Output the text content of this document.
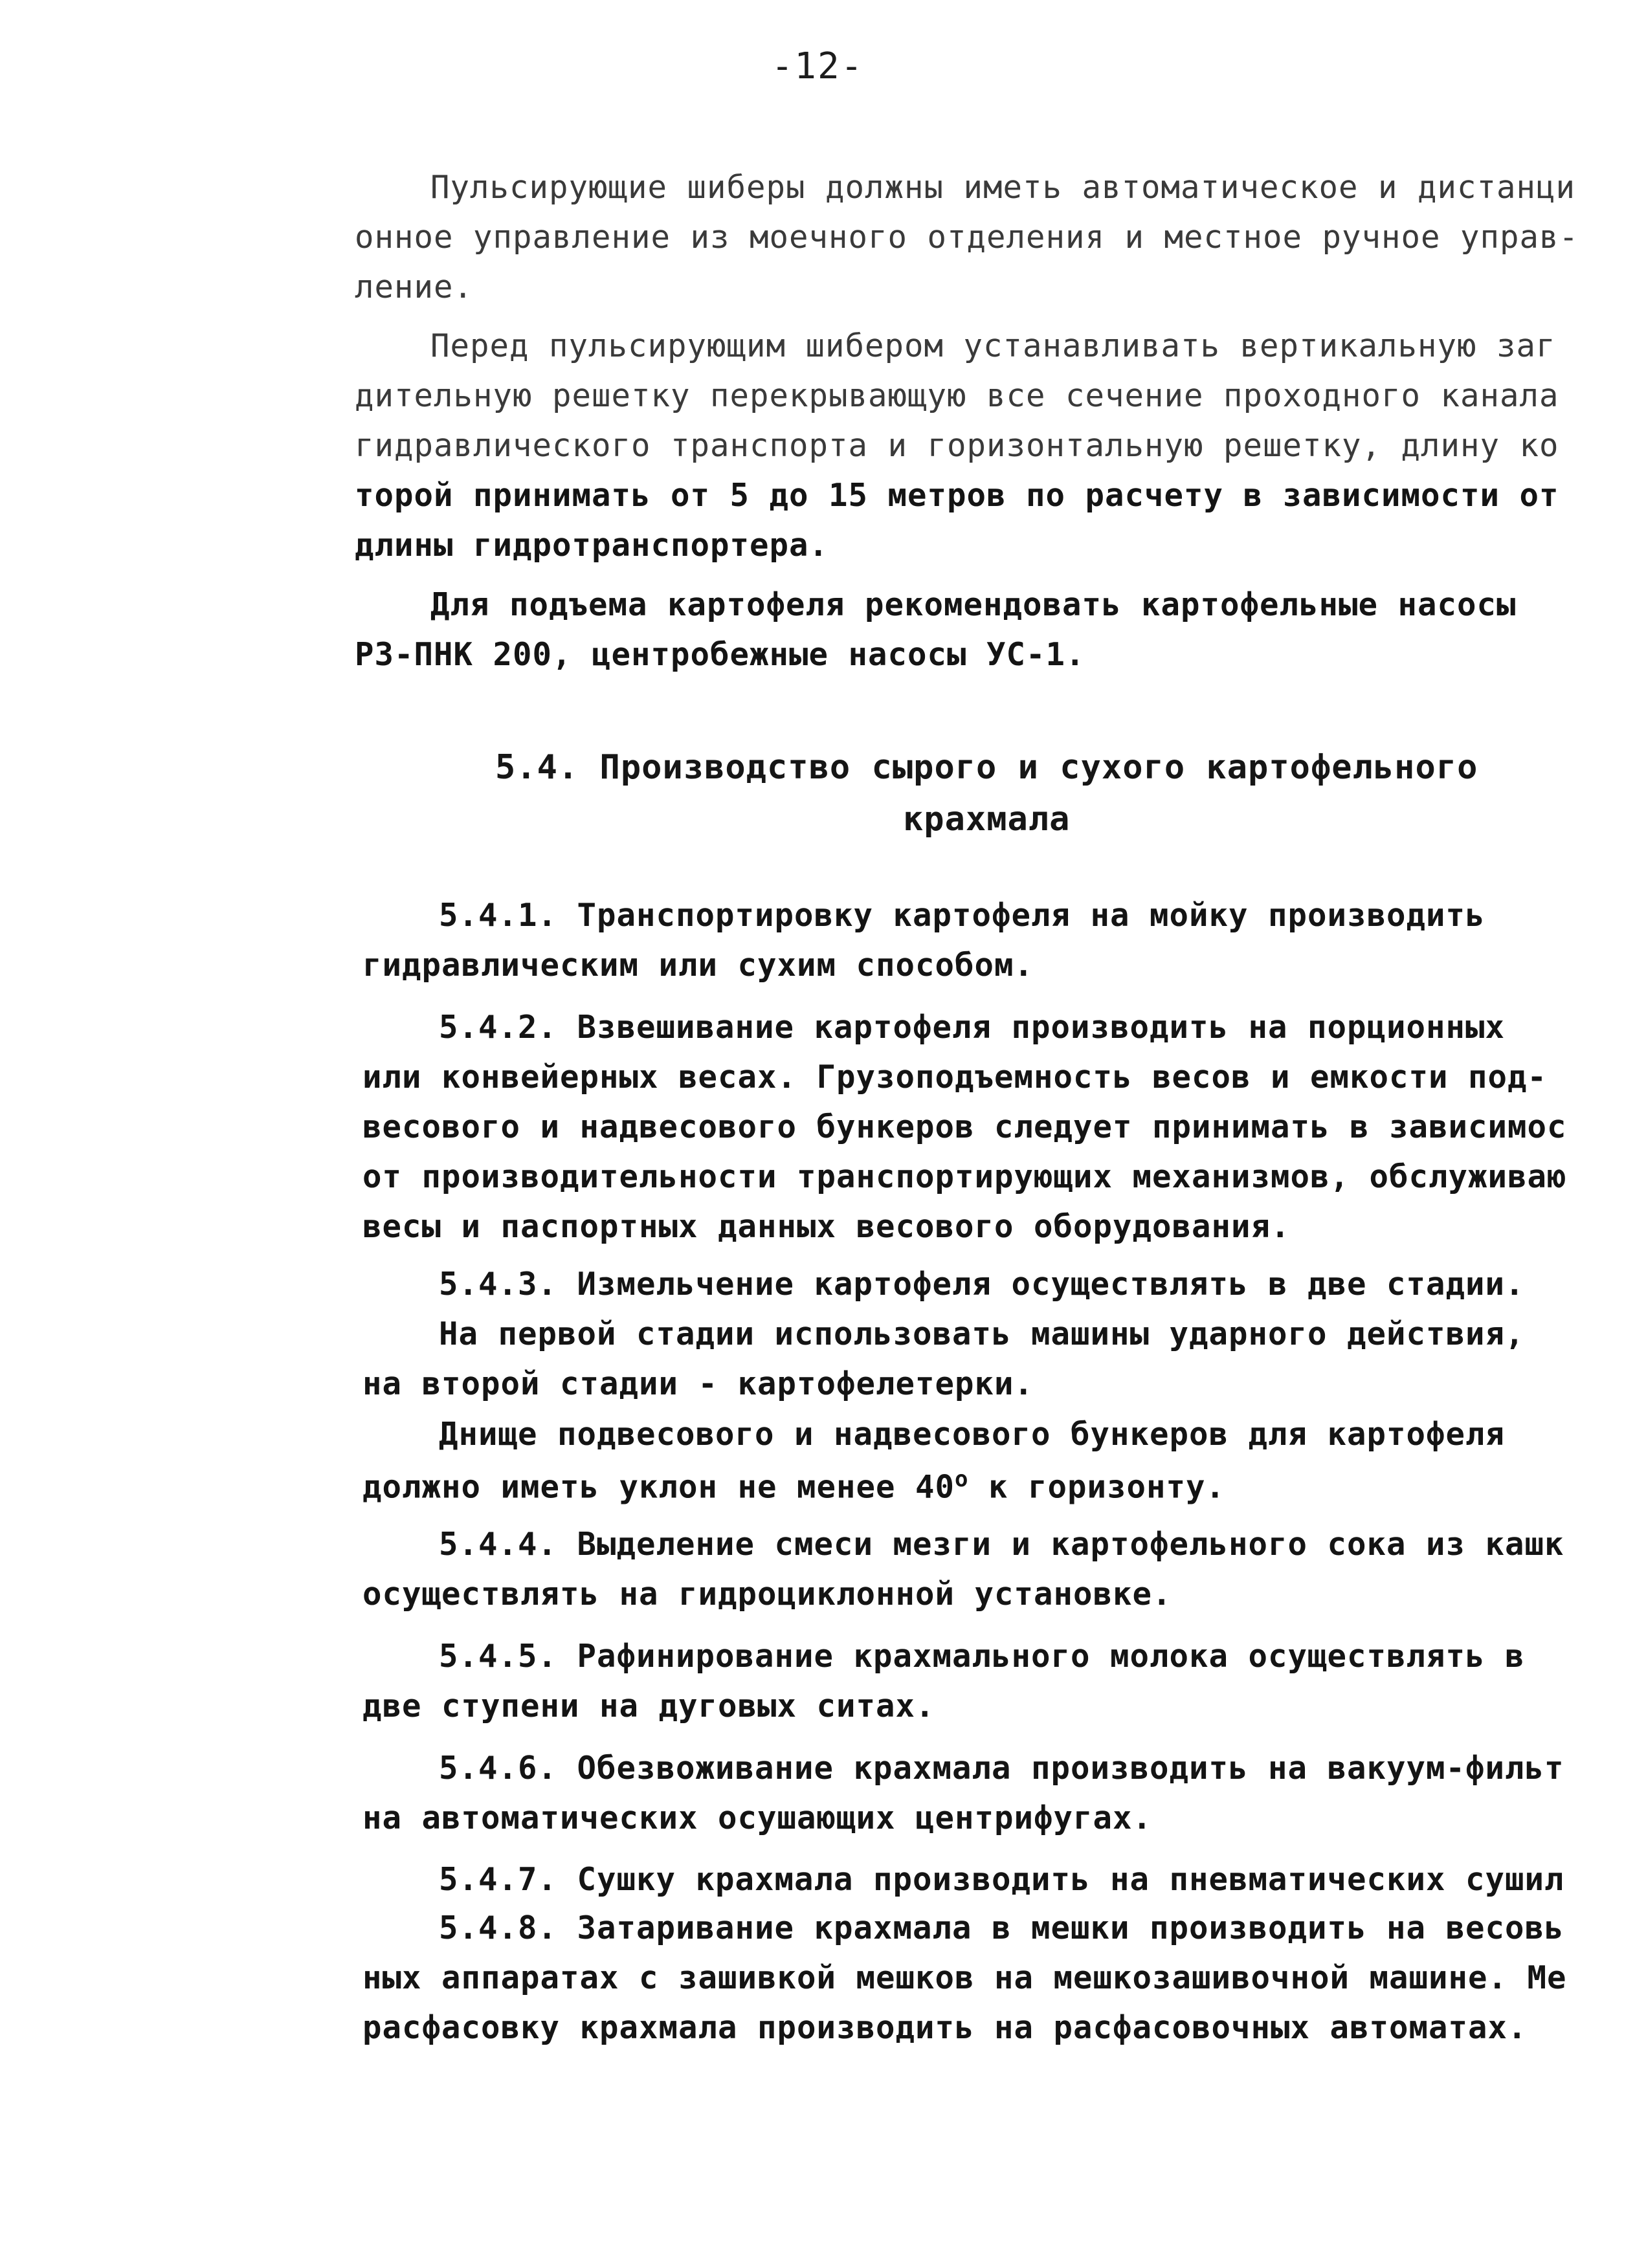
-12-
Пульсирующие шиберы должны иметь автоматическое и дистанци
онное управление из моечного отделения и местное ручное управ-
ление.
Перед пульсирующим шибером устанавливать вертикальную заг
дительную решетку перекрывающую все сечение проходного канала
гидравлического транспорта и горизонтальную решетку, длину ко
торой принимать от 5 до 15 метров по расчету в зависимости от
длины гидротранспортера.
Для подъема картофеля рекомендовать картофельные насосы
РЗ-ПНК 200, центробежные насосы УС-1.
5.4. Производство сырого и сухого картофельного
крахмала
5.4.1. Транспортировку картофеля на мойку производить
гидравлическим или сухим способом.
5.4.2. Взвешивание картофеля производить на порционных
или конвейерных весах. Грузоподъемность весов и емкости под-
весового и надвесового бункеров следует принимать в зависимос
от производительности транспортирующих механизмов, обслуживаю
весы и паспортных данных весового оборудования.
5.4.3. Измельчение картофеля осуществлять в две стадии.
На первой стадии использовать машины ударного действия,
на второй стадии - картофелетерки.
Днище подвесового и надвесового бункеров для картофеля
должно иметь уклон не менее $40^о$ к горизонту.
5.4.4. Выделение смеси мезги и картофельного сока из кашк
осуществлять на гидроциклонной установке.
5.4.5. Рафинирование крахмального молока осуществлять в
две ступени на дуговых ситах.
5.4.6. Обезвоживание крахмала производить на вакуум-фильт
на автоматических осушающих центрифугах.
5.4.7. Сушку крахмала производить на пневматических сушил
5.4.8. Затаривание крахмала в мешки производить на весовь
ных аппаратах с зашивкой мешков на мешкозашивочной машине. Ме
расфасовку крахмала производить на расфасовочных автоматах.
